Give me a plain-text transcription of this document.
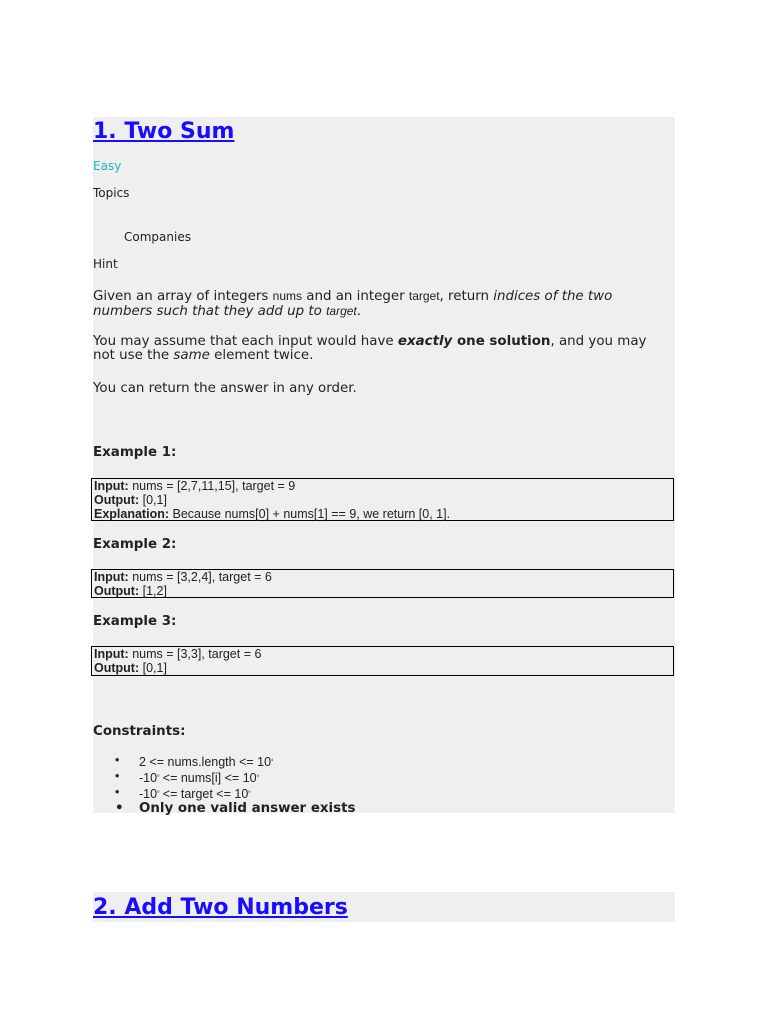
1. Two Sum
Easy
Topics
Companies
Hint

Given an array of integers nums and an integer target, return indices of the two numbers such that they add up to target.

You may assume that each input would have exactly one solution, and you may not use the same element twice.

You can return the answer in any order.

Example 1:
Input: nums = [2,7,11,15], target = 9
Output: [0,1]
Explanation: Because nums[0] + nums[1] == 9, we return [0, 1].
Example 2:
Input: nums = [3,2,4], target = 6
Output: [1,2]
Example 3:
Input: nums = [3,3], target = 6
Output: [0,1]
Constraints:
• 2 <= nums.length <= $10^4$
• $-10^9$ <= nums[i] <= $10^9$
• $-10^9$ <= target <= $10^9$
• Only one valid answer exists
2. Add Two Numbers
